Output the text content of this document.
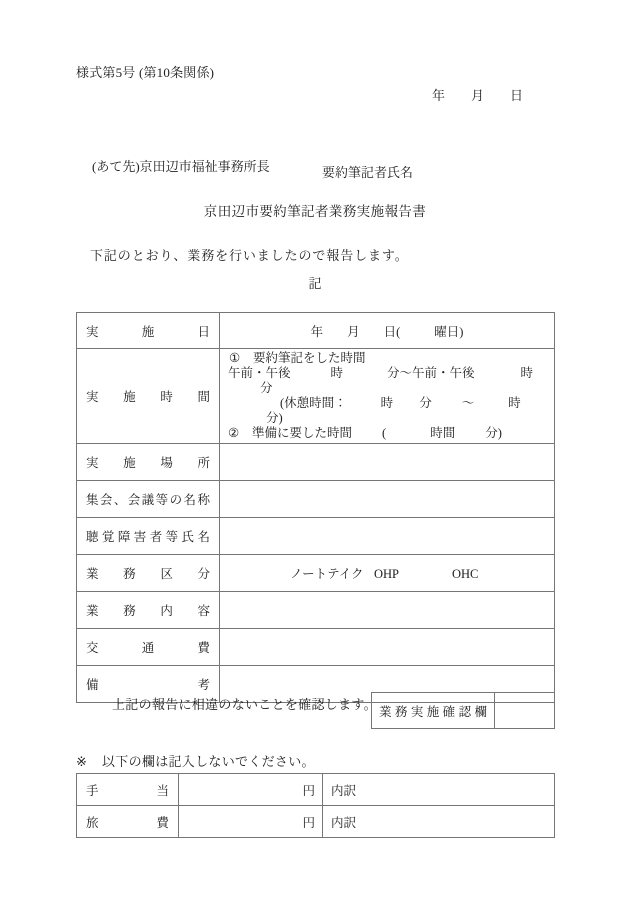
様式第5号 (第10条関係)
年 月 日
(あて先)京田辺市福祉事務所長	要約筆記者氏名
京田辺市要約筆記者業務実施報告書
下記のとおり、業務を行いましたので報告します。
記
実施日	年 月 日( 曜日)
実施時間	① 要約筆記をした時間
午前・午後 時 分～午前・午後 時分
(休憩時間： 時 分 ～ 時分)
② 準備に要した時間 ( 時間 分)

実施場所	
集会、会議等の名称	
聴覚障害者等氏名	
業務区分	ノートテイク OHP OHC

業務内容	
交通費	
備考	
上記の報告に相違のないことを確認します。 業務実施確認欄	
※ 以下の欄は記入しないでください。
手当	円	内訳
旅費	円	内訳
